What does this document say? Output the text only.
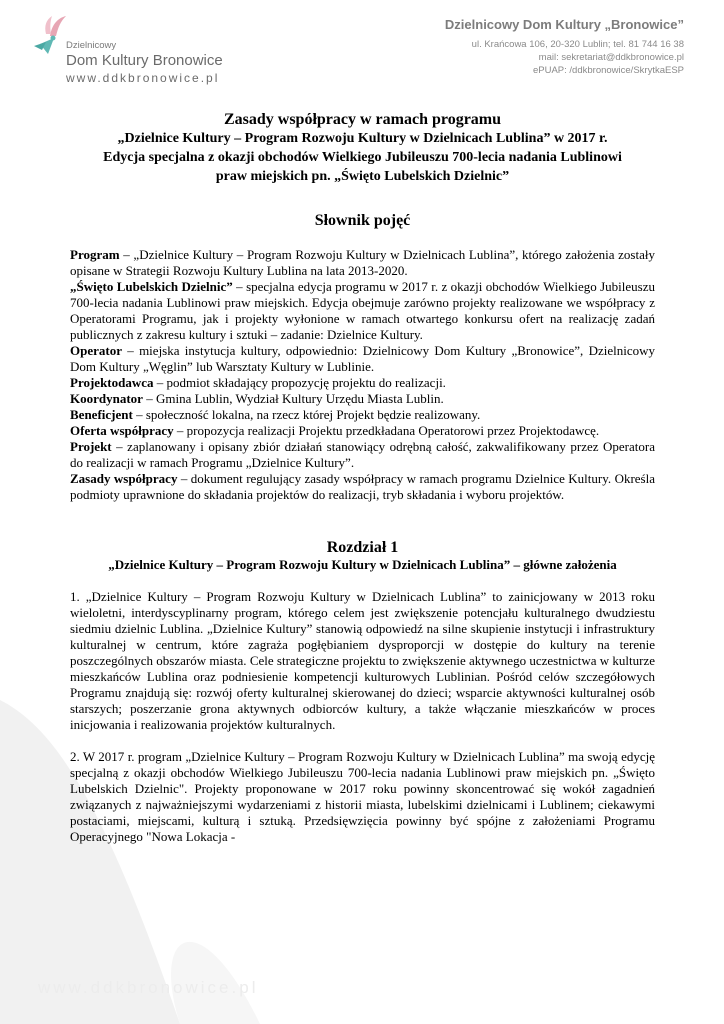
Dzielnicowy
Dom Kultury Bronowice
www.ddkbronowice.pl
Dzielnicowy Dom Kultury „Bronowice”
ul. Krańcowa 106, 20-320 Lublin; tel. 81 744 16 38
mail: sekretariat@ddkbronowice.pl
ePUAP: /ddkbronowice/SkrytkaESP

Zasady współpracy w ramach programu

„Dzielnice Kultury – Program Rozwoju Kultury w Dzielnicach Lublina” w 2017 r.

Edycja specjalna z okazji obchodów Wielkiego Jubileuszu 700-lecia nadania Lublinowi

praw miejskich pn. „Święto Lubelskich Dzielnic”

Słownik pojęć

Program – „Dzielnice Kultury – Program Rozwoju Kultury w Dzielnicach Lublina”, którego założenia zostały opisane w Strategii Rozwoju Kultury Lublina na lata 2013-2020.

„Święto Lubelskich Dzielnic” – specjalna edycja programu w 2017 r. z okazji obchodów Wielkiego Jubileuszu 700-lecia nadania Lublinowi praw miejskich. Edycja obejmuje zarówno projekty realizowane we współpracy z Operatorami Programu, jak i projekty wyłonione w ramach otwartego konkursu ofert na realizację zadań publicznych z zakresu kultury i sztuki – zadanie: Dzielnice Kultury.

Operator – miejska instytucja kultury, odpowiednio: Dzielnicowy Dom Kultury „Bronowice”, Dzielnicowy Dom Kultury „Węglin” lub Warsztaty Kultury w Lublinie.

Projektodawca – podmiot składający propozycję projektu do realizacji.

Koordynator – Gmina Lublin, Wydział Kultury Urzędu Miasta Lublin.

Beneficjent – społeczność lokalna, na rzecz której Projekt będzie realizowany.

Oferta współpracy – propozycja realizacji Projektu przedkładana Operatorowi przez Projektodawcę.

Projekt – zaplanowany i opisany zbiór działań stanowiący odrębną całość, zakwalifikowany przez Operatora do realizacji w ramach Programu „Dzielnice Kultury”.

Zasady współpracy – dokument regulujący zasady współpracy w ramach programu Dzielnice Kultury. Określa podmioty uprawnione do składania projektów do realizacji, tryb składania i wyboru projektów.

Rozdział 1

„Dzielnice Kultury – Program Rozwoju Kultury w Dzielnicach Lublina” – główne założenia

1. „Dzielnice Kultury – Program Rozwoju Kultury w Dzielnicach Lublina” to zainicjowany w 2013 roku wieloletni, interdyscyplinarny program, którego celem jest zwiększenie potencjału kulturalnego dwudziestu siedmiu dzielnic Lublina. „Dzielnice Kultury” stanowią odpowiedź na silne skupienie instytucji i infrastruktury kulturalnej w centrum, które zagraża pogłębianiem dysproporcji w dostępie do kultury na terenie poszczególnych obszarów miasta. Cele strategiczne projektu to zwiększenie aktywnego uczestnictwa w kulturze mieszkańców Lublina oraz podniesienie kompetencji kulturowych Lublinian. Pośród celów szczegółowych Programu znajdują się: rozwój oferty kulturalnej skierowanej do dzieci; wsparcie aktywności kulturalnej osób starszych; poszerzanie grona aktywnych odbiorców kultury, a także włączanie mieszkańców w proces inicjowania i realizowania projektów kulturalnych.

2. W 2017 r. program „Dzielnice Kultury – Program Rozwoju Kultury w Dzielnicach Lublina” ma swoją edycję specjalną z okazji obchodów Wielkiego Jubileuszu 700-lecia nadania Lublinowi praw miejskich pn. „Święto Lubelskich Dzielnic". Projekty proponowane w 2017 roku powinny skoncentrować się wokół zagadnień związanych z najważniejszymi wydarzeniami z historii miasta, lubelskimi dzielnicami i Lublinem; ciekawymi postaciami, miejscami, kulturą i sztuką. Przedsięwzięcia powinny być spójne z założeniami Programu Operacyjnego "Nowa Lokacja -

www.ddkbronowice.pl
